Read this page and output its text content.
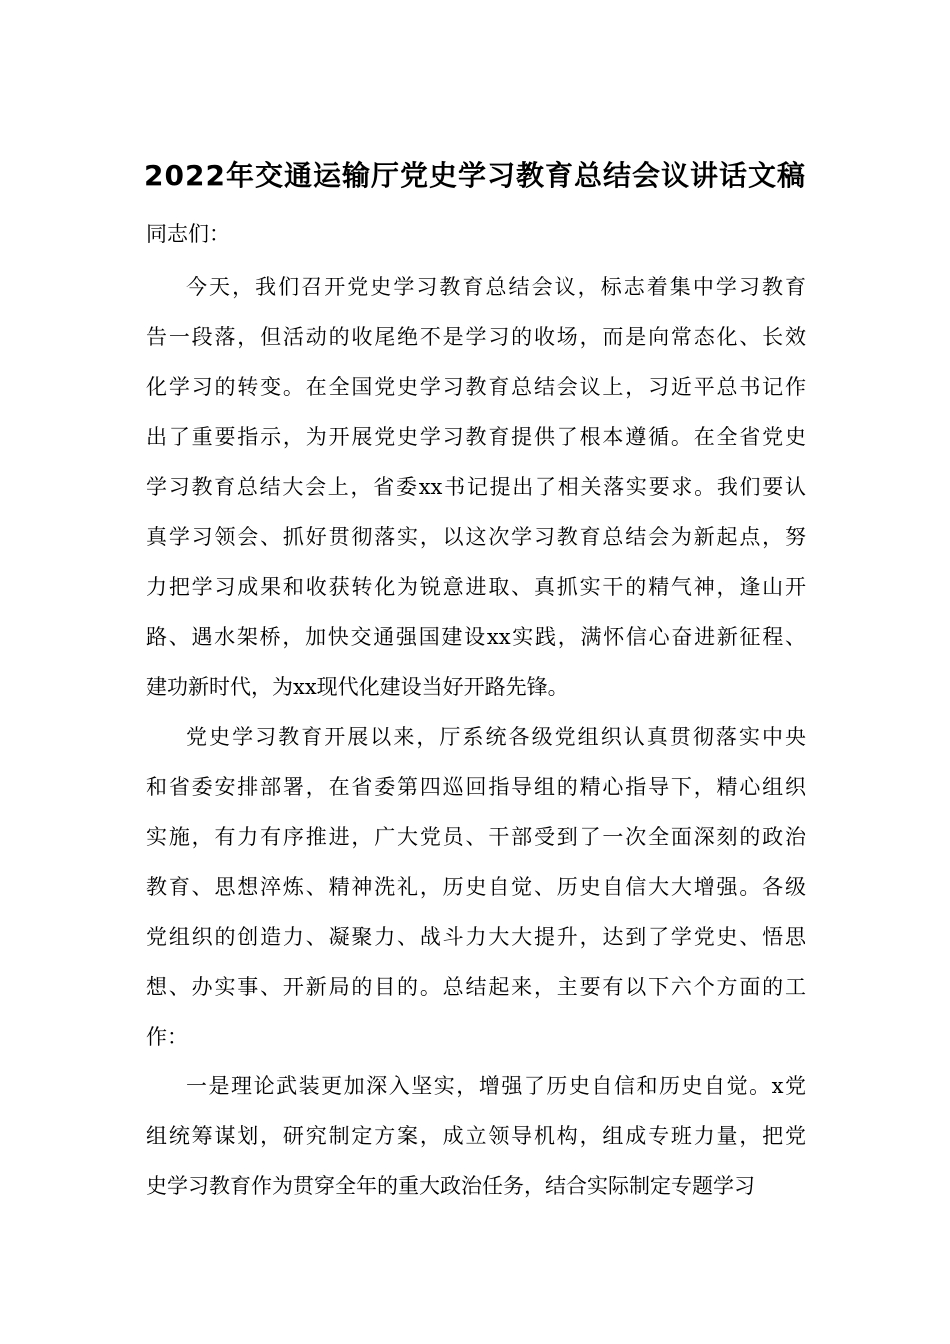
2022年交通运输厅党史学习教育总结会议讲话文稿
同志们：
今天，我们召开党史学习教育总结会议，标志着集中学习教育
告一段落，但活动的收尾绝不是学习的收场，而是向常态化、长效
化学习的转变。在全国党史学习教育总结会议上，习近平总书记作
出了重要指示，为开展党史学习教育提供了根本遵循。在全省党史
学习教育总结大会上，省委xx书记提出了相关落实要求。我们要认
真学习领会、抓好贯彻落实，以这次学习教育总结会为新起点，努
力把学习成果和收获转化为锐意进取、真抓实干的精气神，逢山开
路、遇水架桥，加快交通强国建设xx实践，满怀信心奋进新征程、
建功新时代，为xx现代化建设当好开路先锋。
党史学习教育开展以来，厅系统各级党组织认真贯彻落实中央
和省委安排部署，在省委第四巡回指导组的精心指导下，精心组织
实施，有力有序推进，广大党员、干部受到了一次全面深刻的政治
教育、思想淬炼、精神洗礼，历史自觉、历史自信大大增强。各级
党组织的创造力、凝聚力、战斗力大大提升，达到了学党史、悟思
想、办实事、开新局的目的。总结起来，主要有以下六个方面的工
作：
一是理论武装更加深入坚实，增强了历史自信和历史自觉。x党
组统筹谋划，研究制定方案，成立领导机构，组成专班力量，把党
史学习教育作为贯穿全年的重大政治任务，结合实际制定专题学习
